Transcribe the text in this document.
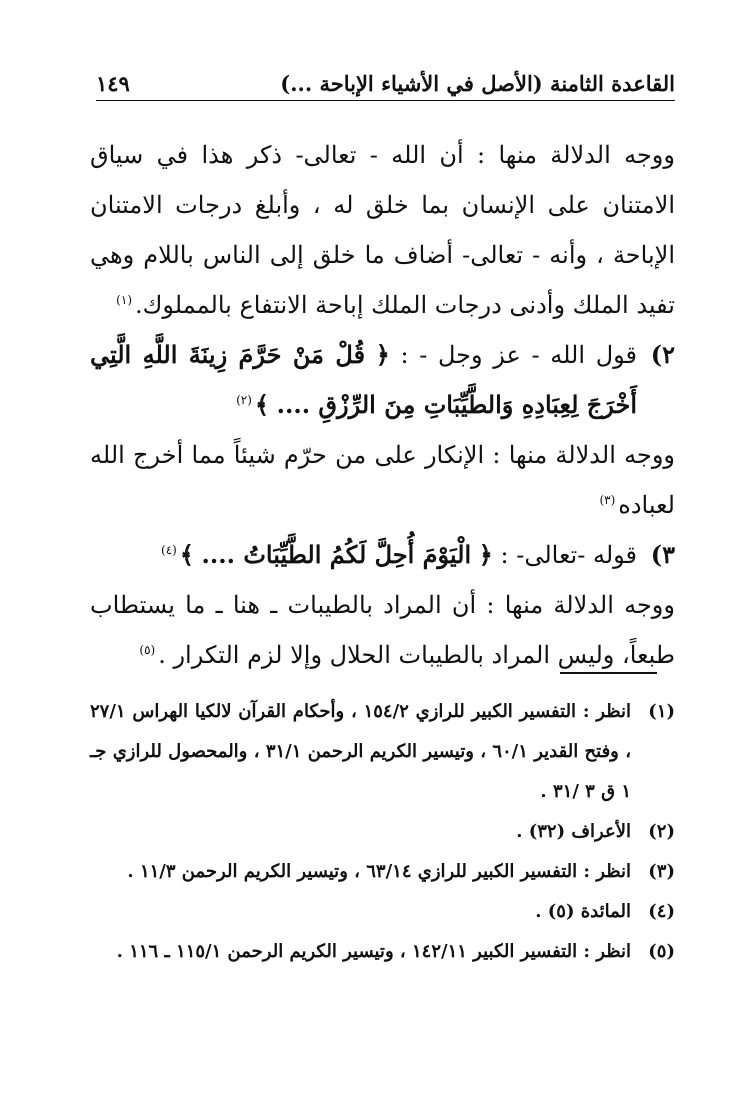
القاعدة الثامنة (الأصل في الأشياء الإباحة ...)
١٤٩

ووجه الدلالة منها : أن الله - تعالى- ذكر هذا في سياق الامتنان على الإنسان بما خلق له ، وأبلغ درجات الامتنان الإباحة ، وأنه - تعالى- أضاف ما خلق إلى الناس باللام وهي تفيد الملك وأدنى درجات الملك إباحة الانتفاع بالمملوك.$^{(١)}$

٢)
قول الله - عز وجل - : ﴿ قُلْ مَنْ حَرَّمَ زِينَةَ اللَّهِ الَّتِي أَخْرَجَ لِعِبَادِهِ وَالطَّيِّبَاتِ مِنَ الرِّزْقِ .... ﴾$^{(٢)}$

ووجه الدلالة منها : الإنكار على من حرّم شيئاً مما أخرج الله لعباده$^{(٣)}$

٣)
قوله -تعالى- : ﴿ الْيَوْمَ أُحِلَّ لَكُمُ الطَّيِّبَاتُ .... ﴾$^{(٤)}$

ووجه الدلالة منها : أن المراد بالطيبات ـ هنا ـ ما يستطاب طبعاً، وليس المراد بالطيبات الحلال وإلا لزم التكرار .$^{(٥)}$

(١)
انظر : التفسير الكبير للرازي ١٥٤/٢ ، وأحكام القرآن لالكيا الهراس ٢٧/١ ، وفتح القدير ٦٠/١ ، وتيسير الكريم الرحمن ٣١/١ ، والمحصول للرازي جـ ١ ق ٣ /٣١ .
(٢)
الأعراف (٣٢) .
(٣)
انظر : التفسير الكبير للرازي ٦٣/١٤ ، وتيسير الكريم الرحمن ١١/٣ .
(٤)
المائدة (٥) .
(٥)
انظر : التفسير الكبير ١٤٢/١١ ، وتيسير الكريم الرحمن ١١٥/١ ـ ١١٦ .
